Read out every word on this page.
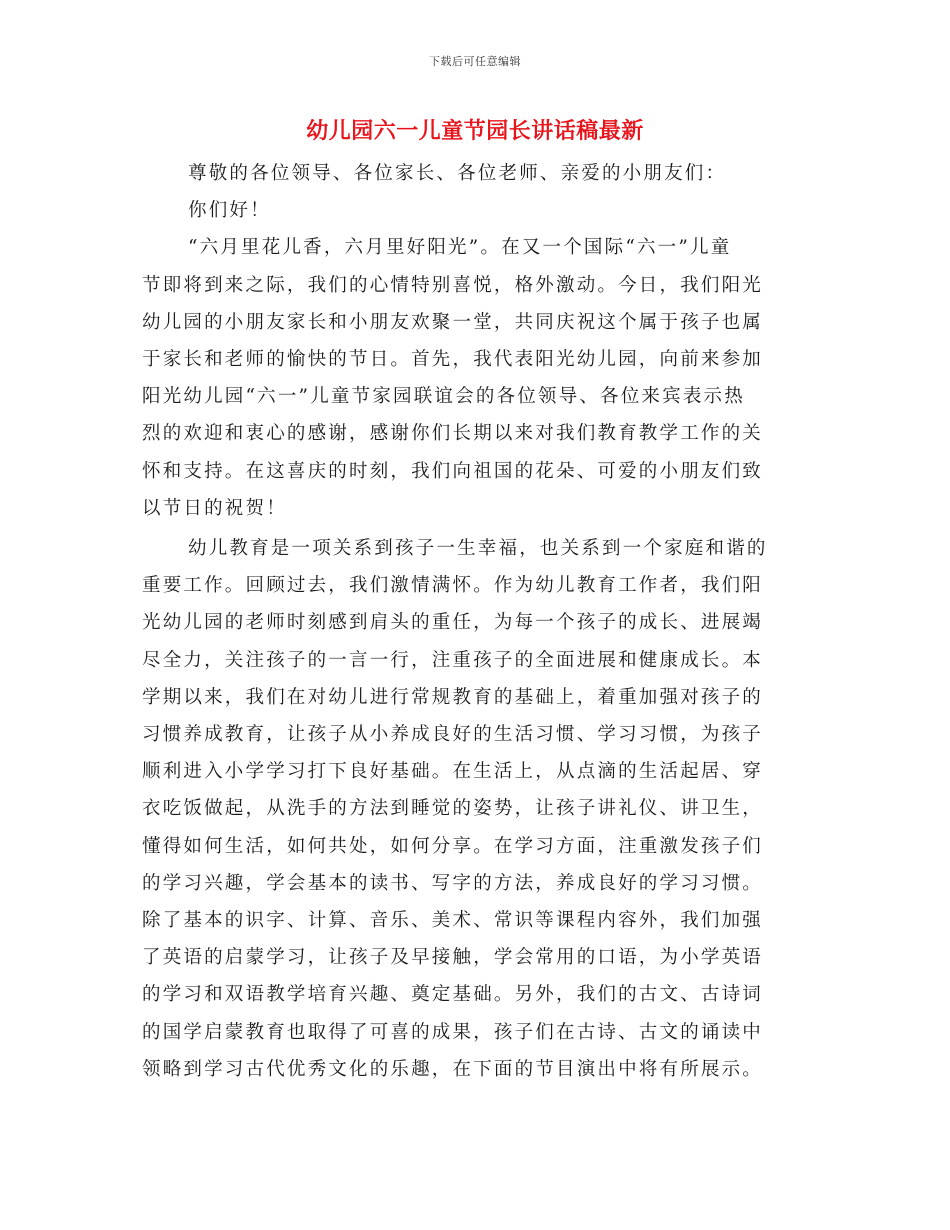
下载后可任意编辑
幼儿园六一儿童节园长讲话稿最新
尊敬的各位领导、各位家长、各位老师、亲爱的小朋友们：
你们好！
“六月里花儿香，六月里好阳光”。在又一个国际“六一”儿童
节即将到来之际，我们的心情特别喜悦，格外激动。今日，我们阳光
幼儿园的小朋友家长和小朋友欢聚一堂，共同庆祝这个属于孩子也属
于家长和老师的愉快的节日。首先，我代表阳光幼儿园，向前来参加
阳光幼儿园“六一”儿童节家园联谊会的各位领导、各位来宾表示热
烈的欢迎和衷心的感谢，感谢你们长期以来对我们教育教学工作的关
怀和支持。在这喜庆的时刻，我们向祖国的花朵、可爱的小朋友们致
以节日的祝贺！
幼儿教育是一项关系到孩子一生幸福，也关系到一个家庭和谐的
重要工作。回顾过去，我们激情满怀。作为幼儿教育工作者，我们阳
光幼儿园的老师时刻感到肩头的重任，为每一个孩子的成长、进展竭
尽全力，关注孩子的一言一行，注重孩子的全面进展和健康成长。本
学期以来，我们在对幼儿进行常规教育的基础上，着重加强对孩子的
习惯养成教育，让孩子从小养成良好的生活习惯、学习习惯，为孩子
顺利进入小学学习打下良好基础。在生活上，从点滴的生活起居、穿
衣吃饭做起，从洗手的方法到睡觉的姿势，让孩子讲礼仪、讲卫生，
懂得如何生活，如何共处，如何分享。在学习方面，注重激发孩子们
的学习兴趣，学会基本的读书、写字的方法，养成良好的学习习惯。
除了基本的识字、计算、音乐、美术、常识等课程内容外，我们加强
了英语的启蒙学习，让孩子及早接触，学会常用的口语，为小学英语
的学习和双语教学培育兴趣、奠定基础。另外，我们的古文、古诗词
的国学启蒙教育也取得了可喜的成果，孩子们在古诗、古文的诵读中
领略到学习古代优秀文化的乐趣，在下面的节目演出中将有所展示。
